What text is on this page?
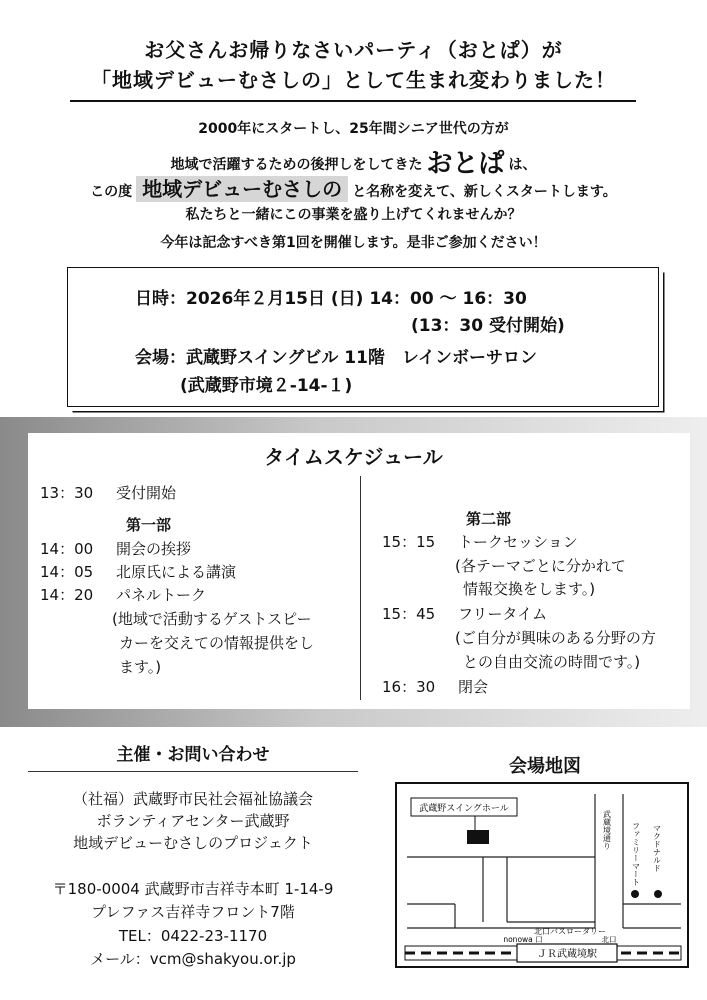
お父さんお帰りなさいパーティ（おとぱ）が
「地域デビューむさしの」として生まれ変わりました！
2000年にスタートし、25年間シニア世代の方が
地域で活躍するための後押しをしてきた おとぱ は、
この度 地域デビューむさしの と名称を変えて、新しくスタートします。
私たちと一緒にこの事業を盛り上げてくれませんか？
今年は記念すべき第1回を開催します。是非ご参加ください！
日時：2026年２月15日 (日) 14：00 〜 16：30
(13：30 受付開始)
会場：武蔵野スイングビル 11階　レインボーサロン
(武蔵野市境２-14-１)
タイムスケジュール
13：30 受付開始
第一部
14：00 開会の挨拶
14：05 北原氏による講演
14：20 パネルトーク
(地域で活動するゲストスピー
カーを交えての情報提供をし
ます。)
第二部
15：15 トークセッション
(各テーマごとに分かれて
情報交換をします。)
15：45 フリータイム
(ご自分が興味のある分野の方
との自由交流の時間です。)
16：30 閉会
主催・お問い合わせ
（社福）武蔵野市民社会福祉協議会
ボランティアセンター武蔵野
地域デビューむさしのプロジェクト
〒180-0004 武蔵野市吉祥寺本町 1-14-9
プレファス吉祥寺フロント7階
TEL：0422-23-1170
メール：vcm@shakyou.or.jp
会場地図
武蔵野スイングホール
武蔵境通り	ファミリーマート マクドナルド
北口バスロータリー
nonowa 口	北口
ＪＲ武蔵境駅
